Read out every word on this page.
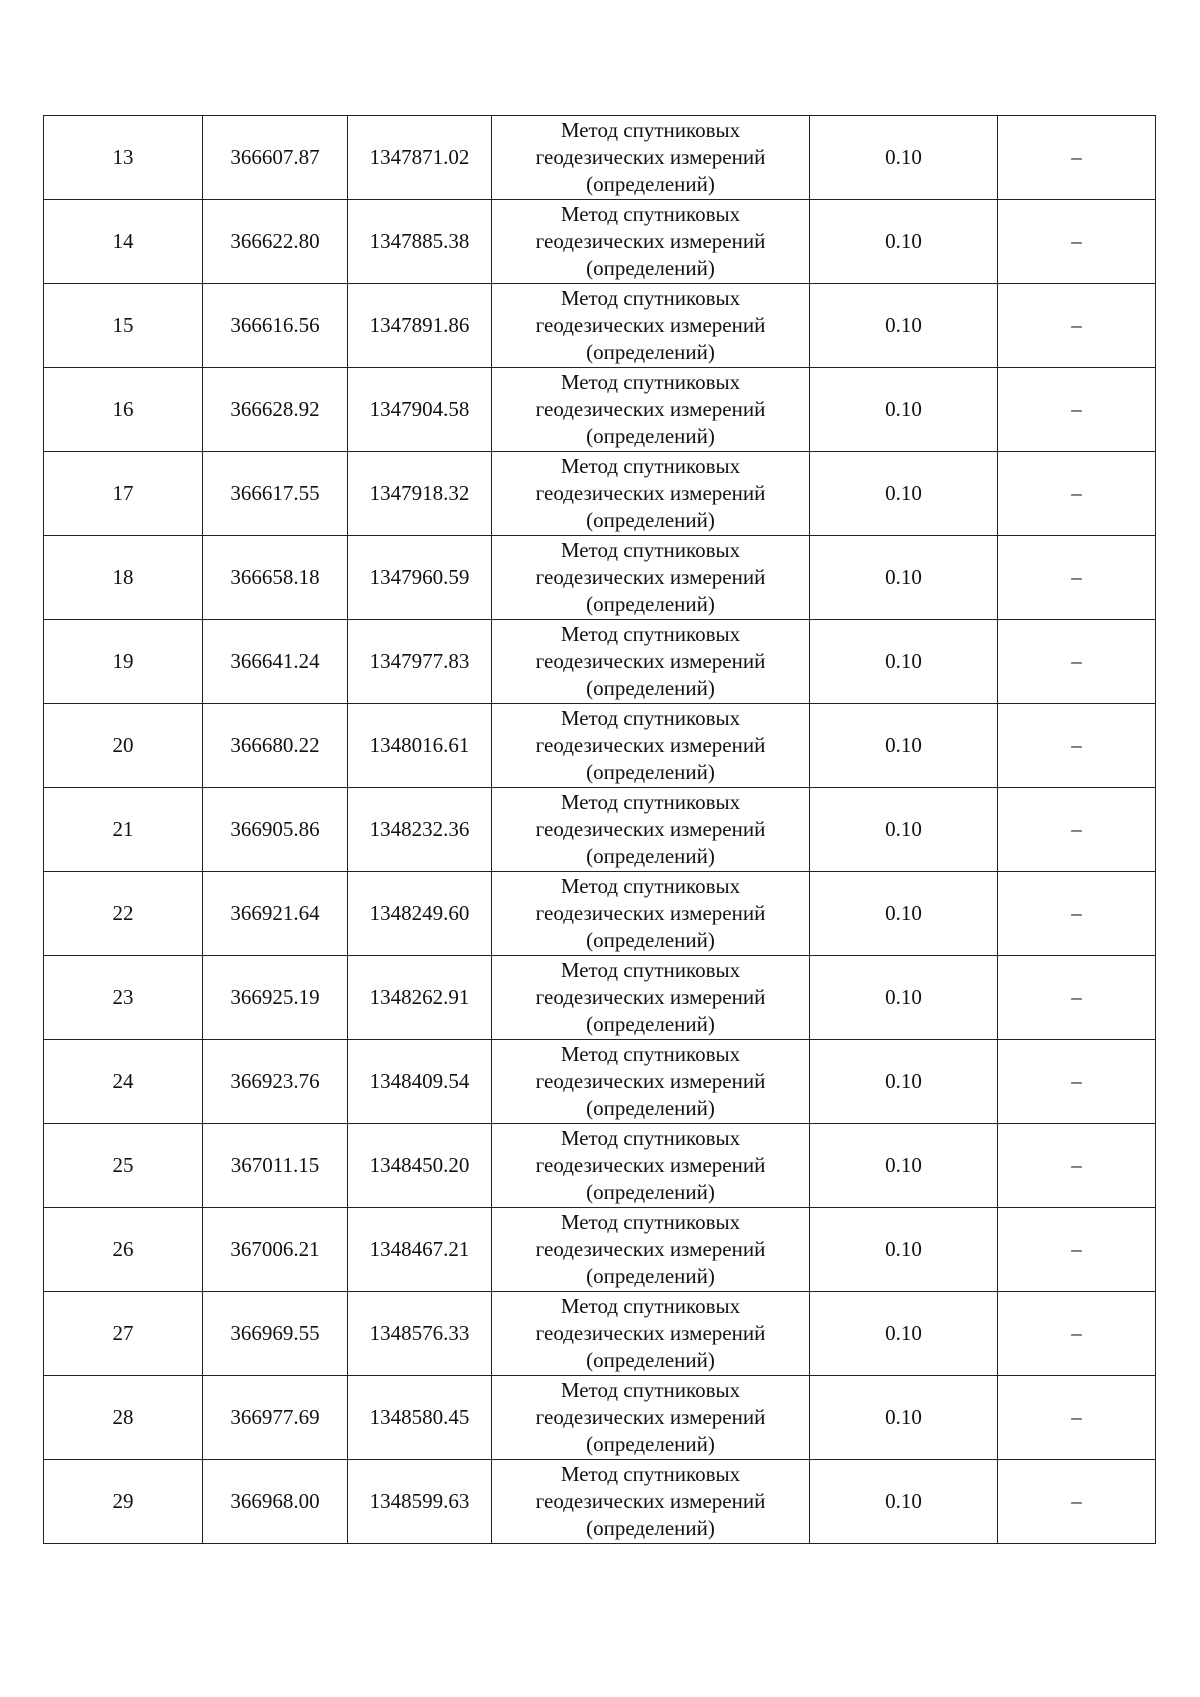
13	366607.87	1347871.02	Метод спутниковых геодезических измерений (определений)	0.10	–
14	366622.80	1347885.38	Метод спутниковых геодезических измерений (определений)	0.10	–
15	366616.56	1347891.86	Метод спутниковых геодезических измерений (определений)	0.10	–
16	366628.92	1347904.58	Метод спутниковых геодезических измерений (определений)	0.10	–
17	366617.55	1347918.32	Метод спутниковых геодезических измерений (определений)	0.10	–
18	366658.18	1347960.59	Метод спутниковых геодезических измерений (определений)	0.10	–
19	366641.24	1347977.83	Метод спутниковых геодезических измерений (определений)	0.10	–
20	366680.22	1348016.61	Метод спутниковых геодезических измерений (определений)	0.10	–
21	366905.86	1348232.36	Метод спутниковых геодезических измерений (определений)	0.10	–
22	366921.64	1348249.60	Метод спутниковых геодезических измерений (определений)	0.10	–
23	366925.19	1348262.91	Метод спутниковых геодезических измерений (определений)	0.10	–
24	366923.76	1348409.54	Метод спутниковых геодезических измерений (определений)	0.10	–
25	367011.15	1348450.20	Метод спутниковых геодезических измерений (определений)	0.10	–
26	367006.21	1348467.21	Метод спутниковых геодезических измерений (определений)	0.10	–
27	366969.55	1348576.33	Метод спутниковых геодезических измерений (определений)	0.10	–
28	366977.69	1348580.45	Метод спутниковых геодезических измерений (определений)	0.10	–
29	366968.00	1348599.63	Метод спутниковых геодезических измерений (определений)	0.10	–
